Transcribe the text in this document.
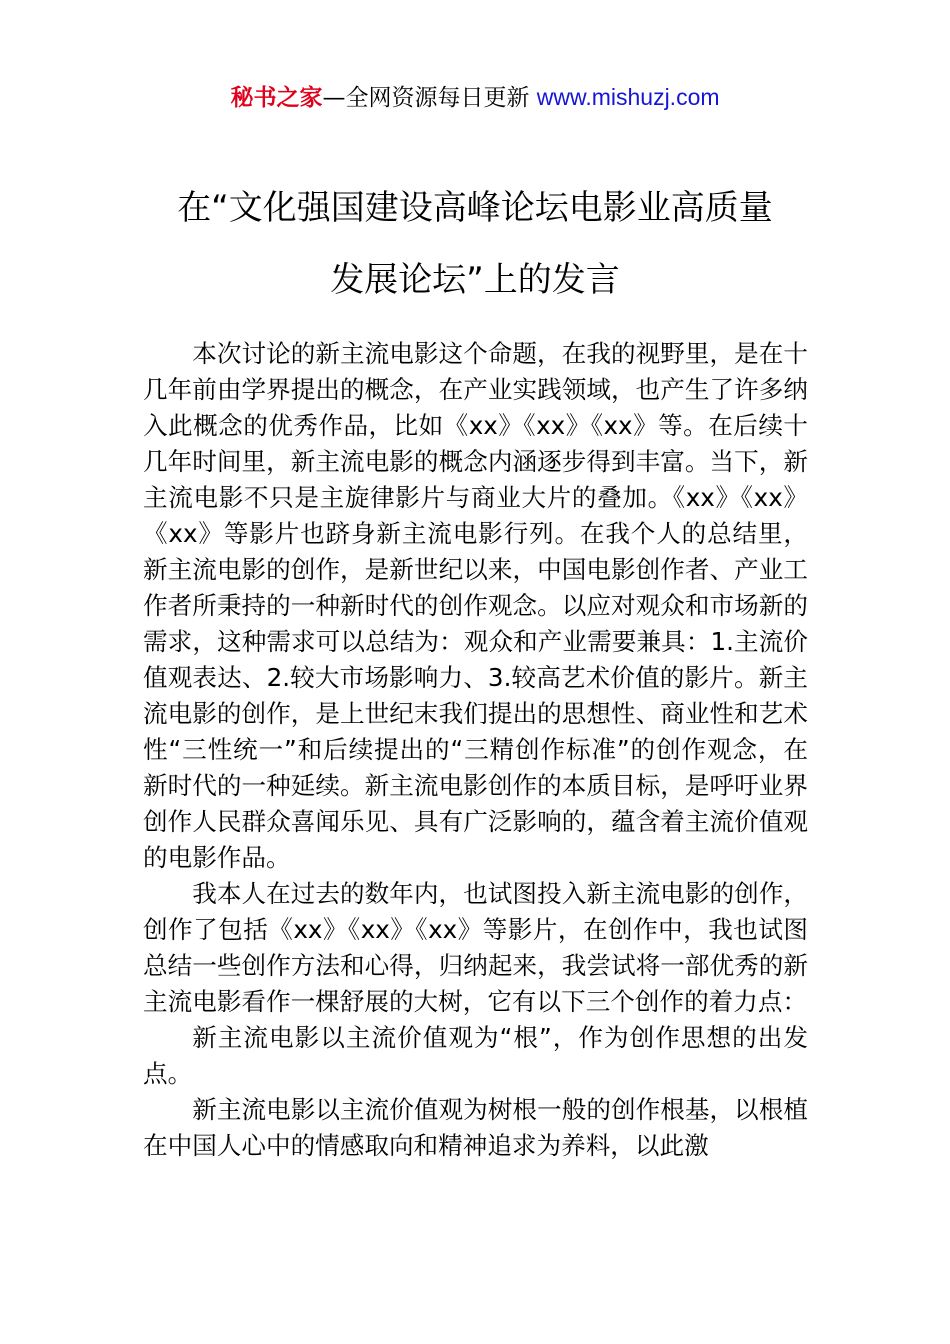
秘书之家—全网资源每日更新 www.mishuzj.com
在“文化强国建设高峰论坛电影业高质量
发展论坛”上的发言

本次讨论的新主流电影这个命题，在我的视野里，是在十几年前由学界提出的概念，在产业实践领域，也产生了许多纳入此概念的优秀作品，比如《xx》《xx》《xx》等。在后续十几年时间里，新主流电影的概念内涵逐步得到丰富。当下，新主流电影不只是主旋律影片与商业大片的叠加。《xx》《xx》《xx》等影片也跻身新主流电影行列。在我个人的总结里，新主流电影的创作，是新世纪以来，中国电影创作者、产业工作者所秉持的一种新时代的创作观念。以应对观众和市场新的需求，这种需求可以总结为：观众和产业需要兼具：1.主流价值观表达、2.较大市场影响力、3.较高艺术价值的影片。新主流电影的创作，是上世纪末我们提出的思想性、商业性和艺术性“三性统一”和后续提出的“三精创作标准”的创作观念，在新时代的一种延续。新主流电影创作的本质目标，是呼吁业界创作人民群众喜闻乐见、具有广泛影响的，蕴含着主流价值观的电影作品。

我本人在过去的数年内，也试图投入新主流电影的创作，创作了包括《xx》《xx》《xx》等影片，在创作中，我也试图总结一些创作方法和心得，归纳起来，我尝试将一部优秀的新主流电影看作一棵舒展的大树，它有以下三个创作的着力点：

新主流电影以主流价值观为“根”，作为创作思想的出发点。

新主流电影以主流价值观为树根一般的创作根基，以根植在中国人心中的情感取向和精神追求为养料，以此激
